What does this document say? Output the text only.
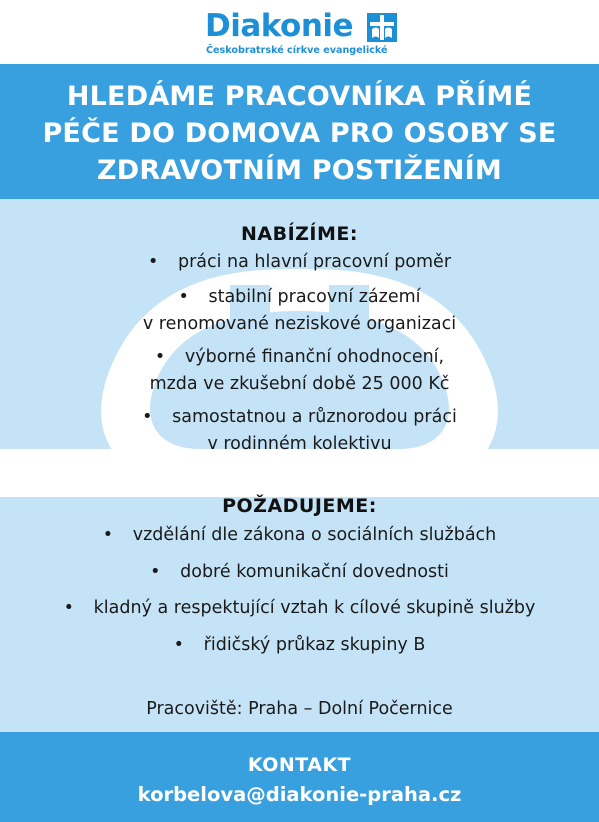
Diakonie
Českobratrské církve evangelické
HLEDÁME PRACOVNÍKA PŘÍMÉ
PÉČE DO DOMOVA PRO OSOBY SE
ZDRAVOTNÍM POSTIŽENÍM
NABÍZÍME:
• práci na hlavní pracovní poměr
• stabilní pracovní zázemí
v renomované neziskové organizaci
• výborné finanční ohodnocení,
mzda ve zkušební době 25 000 Kč
• samostatnou a různorodou práci
v rodinném kolektivu
POŽADUJEME:
• vzdělání dle zákona o sociálních službách
• dobré komunikační dovednosti
• kladný a respektující vztah k cílové skupině služby
• řidičský průkaz skupiny B
Pracoviště: Praha – Dolní Počernice
KONTAKT
korbelova@diakonie-praha.cz
